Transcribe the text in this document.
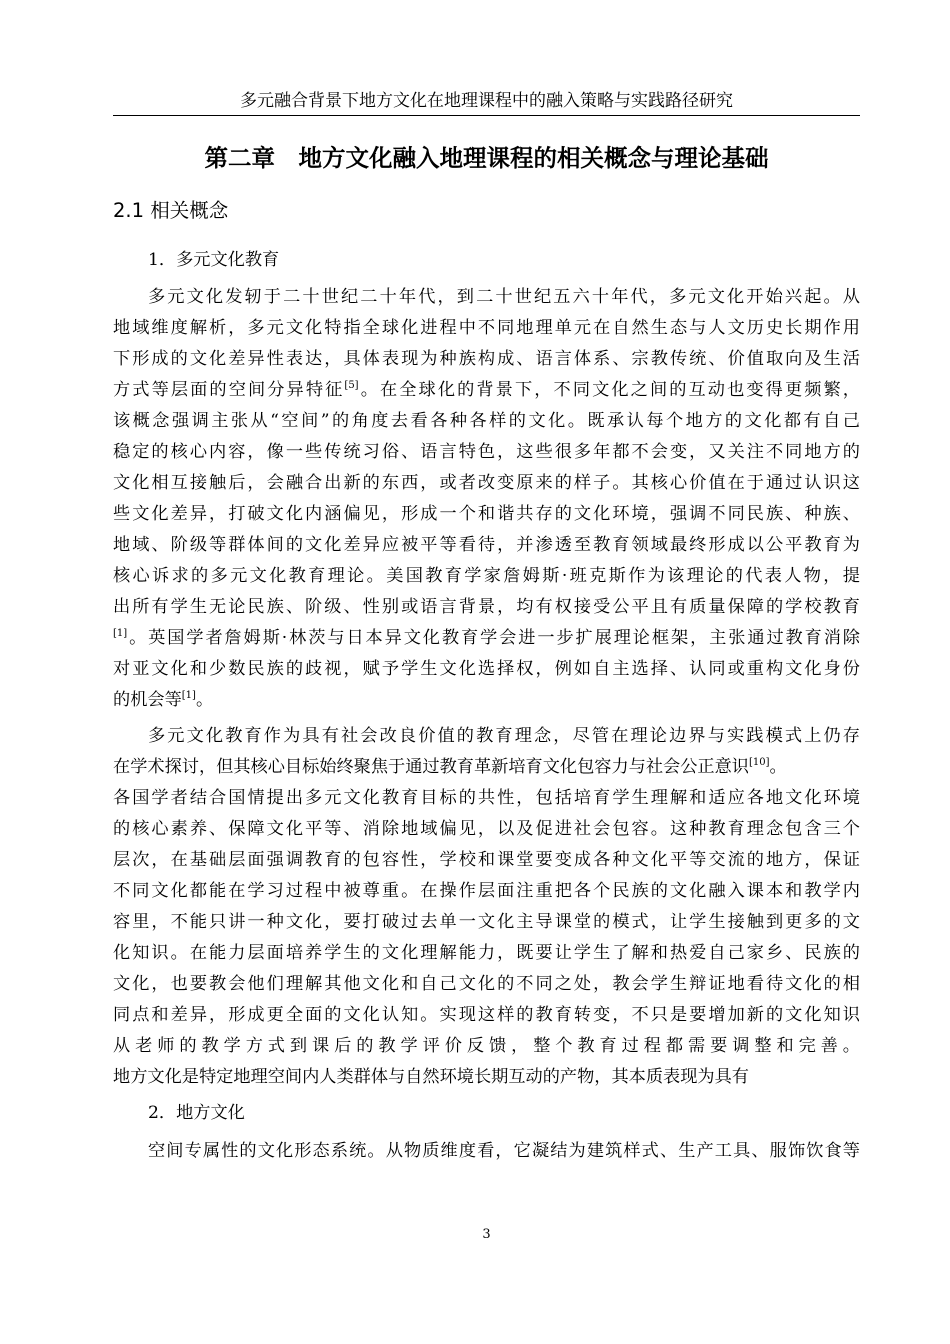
多元融合背景下地方文化在地理课程中的融入策略与实践路径研究
第二章　地方文化融入地理课程的相关概念与理论基础
2.1 相关概念
1．多元文化教育
多元文化发轫于二十世纪二十年代，到二十世纪五六十年代，多元文化开始兴起。从
地域维度解析，多元文化特指全球化进程中不同地理单元在自然生态与人文历史长期作用
下形成的文化差异性表达，具体表现为种族构成、语言体系、宗教传统、价值取向及生活
方式等层面的空间分异特征[5]。在全球化的背景下，不同文化之间的互动也变得更频繁，
该概念强调主张从“空间”的角度去看各种各样的文化。既承认每个地方的文化都有自己
稳定的核心内容，像一些传统习俗、语言特色，这些很多年都不会变，又关注不同地方的
文化相互接触后，会融合出新的东西，或者改变原来的样子。其核心价值在于通过认识这
些文化差异，打破文化内涵偏见，形成一个和谐共存的文化环境，强调不同民族、种族、
地域、阶级等群体间的文化差异应被平等看待，并渗透至教育领域最终形成以公平教育为
核心诉求的多元文化教育理论。美国教育学家詹姆斯·班克斯作为该理论的代表人物，提
出所有学生无论民族、阶级、性别或语言背景，均有权接受公平且有质量保障的学校教育
[1]。英国学者詹姆斯·林茨与日本异文化教育学会进一步扩展理论框架，主张通过教育消除
对亚文化和少数民族的歧视，赋予学生文化选择权，例如自主选择、认同或重构文化身份
的机会等[1]。
多元文化教育作为具有社会改良价值的教育理念，尽管在理论边界与实践模式上仍存
在学术探讨，但其核心目标始终聚焦于通过教育革新培育文化包容力与社会公正意识[10]。
各国学者结合国情提出多元文化教育目标的共性，包括培育学生理解和适应各地文化环境
的核心素养、保障文化平等、消除地域偏见，以及促进社会包容。这种教育理念包含三个
层次，在基础层面强调教育的包容性，学校和课堂要变成各种文化平等交流的地方，保证
不同文化都能在学习过程中被尊重。在操作层面注重把各个民族的文化融入课本和教学内
容里，不能只讲一种文化，要打破过去单一文化主导课堂的模式，让学生接触到更多的文
化知识。在能力层面培养学生的文化理解能力，既要让学生了解和热爱自己家乡、民族的
文化，也要教会他们理解其他文化和自己文化的不同之处，教会学生辩证地看待文化的相
同点和差异，形成更全面的文化认知。实现这样的教育转变，不只是要增加新的文化知识
从老师的教学方式到课后的教学评价反馈，整个教育过程都需要调整和完善。
地方文化是特定地理空间内人类群体与自然环境长期互动的产物，其本质表现为具有
2．地方文化
空间专属性的文化形态系统。从物质维度看，它凝结为建筑样式、生产工具、服饰饮食等
3
